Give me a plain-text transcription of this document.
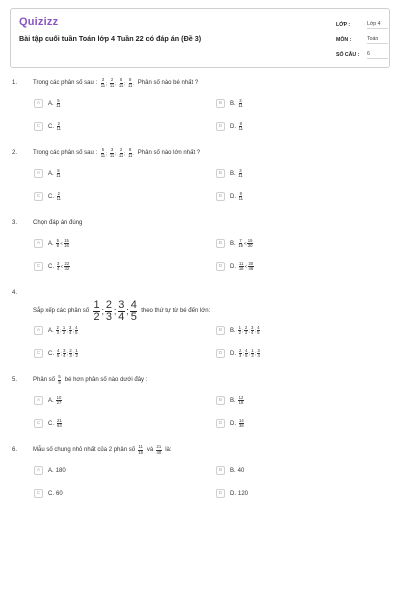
Quizizz
Bài tập cuối tuần Toán lớp 4 Tuần 22 có đáp án (Đề 3)
LỚP :	Lớp 4
MÔN :	Toán
SỐ CÂU :	6
1.	Trong các phân số sau : $\frac{3}{11}$ ; $\frac{2}{11}$ ; $\frac{5}{11}$ ; $\frac{8}{11}$ . Phân số nào bé nhất ?
A	A. $\frac{5}{11}$	B	B. $\frac{3}{11}$
C	C. $\frac{2}{11}$	D	D. $\frac{8}{11}$
2.	Trong các phân số sau : $\frac{5}{11}$ ; $\frac{3}{11}$ ; $\frac{2}{11}$ ; $\frac{8}{11}$ . Phân số nào lớn nhất ?
A	A. $\frac{5}{11}$	B	B. $\frac{3}{11}$
C	C. $\frac{2}{11}$	D	D. $\frac{8}{11}$
3.	Chọn đáp án đúng
A	A. $\frac{5}{8} < \frac{15}{16}$	B	B. $\frac{7}{16} < \frac{15}{30}$
C	C. $\frac{3}{4} < \frac{22}{32}$	D	D. $\frac{11}{16} < \frac{30}{48}$
4.
Sắp xếp các phân số $\frac{1}{2}$ ; $\frac{2}{3}$ ; $\frac{3}{4}$ ; $\frac{4}{5}$ theo thứ tự từ bé đến lớn:
A	A. $\frac{2}{3}$ ; $\frac{1}{2}$ ; $\frac{3}{4}$ ; $\frac{4}{5}$	B	B. $\frac{1}{2}$ ; $\frac{2}{3}$ ; $\frac{3}{4}$ ; $\frac{4}{5}$
C	C. $\frac{4}{5}$ ; $\frac{3}{4}$ ; $\frac{2}{3}$ ; $\frac{1}{2}$	D	D. $\frac{2}{3}$ ; $\frac{4}{5}$ ; $\frac{1}{2}$ ; $\frac{3}{4}$
5.	Phân số $\frac{5}{9}$ bé hơn phân số nào dưới đây :
A	A. $\frac{10}{27}$	B	B. $\frac{12}{18}$
C	C. $\frac{21}{63}$	D	D. $\frac{14}{36}$
6.	Mẫu số chung nhỏ nhất của 2 phân số $\frac{11}{16}$ và $\frac{21}{40}$ là:
A	A. 180	B	B. 40
C	C. 60	D	D. 120
